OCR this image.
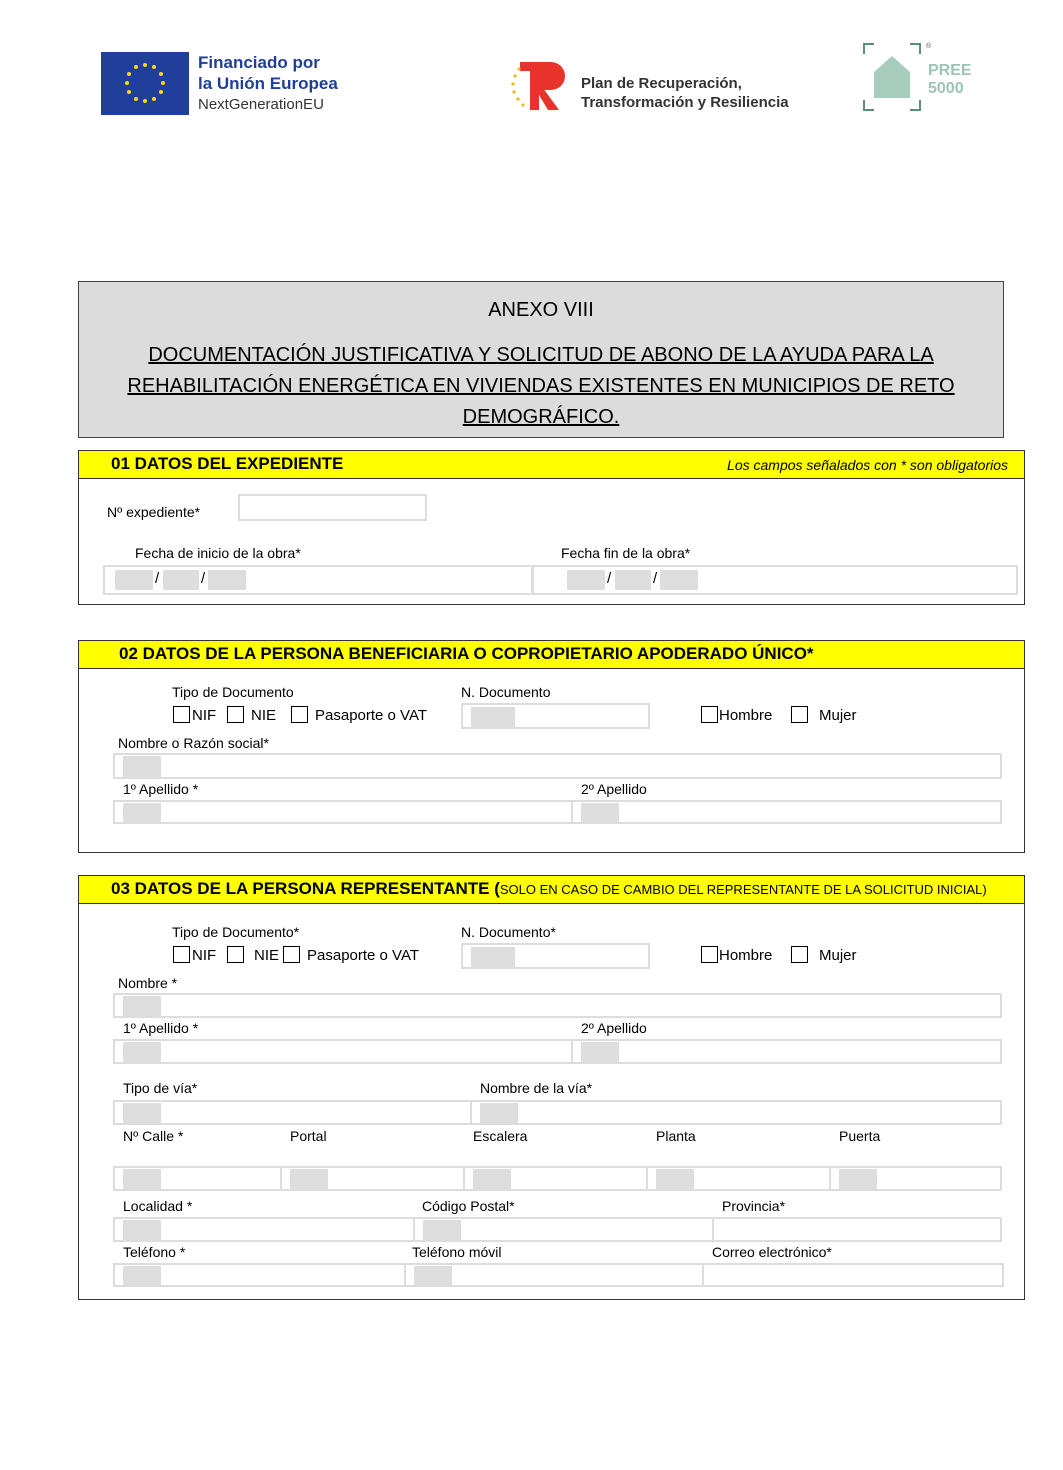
Financiado por
la Unión Europea
NextGenerationEU
Plan de Recuperación,
Transformación y Resiliencia
®
PREE
5000
ANEXO VIII
DOCUMENTACIÓN JUSTIFICATIVA Y SOLICITUD DE ABONO DE LA AYUDA PARA LA
REHABILITACIÓN ENERGÉTICA EN VIVIENDAS EXISTENTES EN MUNICIPIOS DE RETO
DEMOGRÁFICO.
01 DATOS DEL EXPEDIENTE	Los campos señalados con * son obligatorios
Nº expediente*
Fecha de inicio de la obra*	Fecha fin de la obra*
/	/	/	/
02 DATOS DE LA PERSONA BENEFICIARIA O COPROPIETARIO APODERADO ÚNICO*
Tipo de Documento	N. Documento
NIF NIE	Pasaporte o VAT	Hombre	Mujer
Nombre o Razón social*
1º Apellido *	2º Apellido
03 DATOS DE LA PERSONA REPRESENTANTE (SOLO EN CASO DE CAMBIO DEL REPRESENTANTE DE LA SOLICITUD INICIAL)
Tipo de Documento*	N. Documento*
NIF	NIE Pasaporte o VAT	Hombre	Mujer
Nombre *
1º Apellido *	2º Apellido
Tipo de vía*	Nombre de la vía*
Nº Calle *	Portal	Escalera	Planta	Puerta
Localidad *	Código Postal*	Provincia*
Teléfono *	Teléfono móvil	Correo electrónico*
